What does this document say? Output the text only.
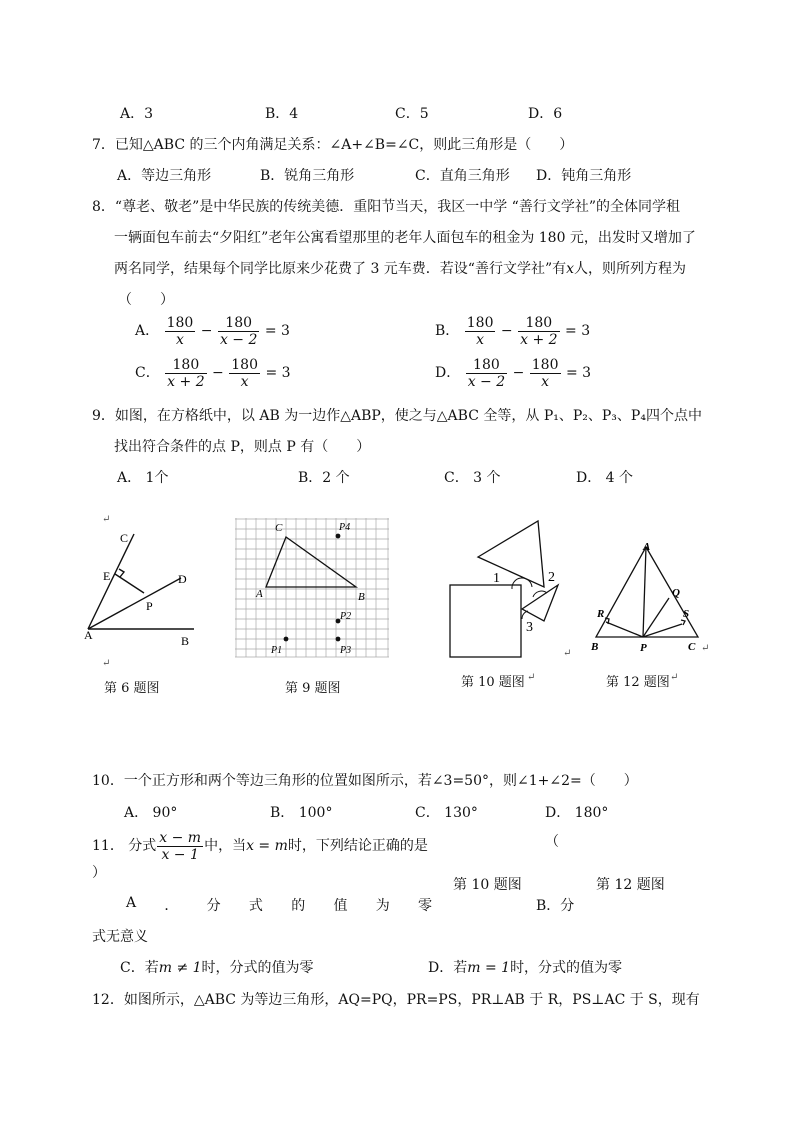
A．3	B．4	C．5	D．6
7．已知△ABC 的三个内角满足关系：∠A+∠B=∠C，则此三角形是（　　）
A．等边三角形	B．锐角三角形	C．直角三角形 D．钝角三角形
8．“尊老、敬老”是中华民族的传统美德．重阳节当天，我区一中学 “善行文学社”的全体同学租
一辆面包车前去“夕阳红”老年公寓看望那里的老年人面包车的租金为 180 元，出发时又增加了
两名同学，结果每个同学比原来少花费了 3 元车费．若设“善行文学社”有x人，则所列方程为
（　　）
A． $\frac{180}{x} - \frac{180}{x - 2} = 3$	B． $\frac{180}{x} - \frac{180}{x + 2} = 3$
C． $\frac{180}{x + 2} - \frac{180}{x} = 3$	D． $\frac{180}{x - 2} - \frac{180}{x} = 3$
9．如图，在方格纸中，以 AB 为一边作△ABP，使之与△ABC 全等，从 P₁、P₂、P₃、P₄四个点中
找出符合条件的点 P，则点 P 有（　　）
A． 1个	B．2 个	C． 3 个	D． 4 个
C
E	D
P
A	B
↵
↵
第 6 题图
C	P4
A	B
P2
P1	P3
第 9 题图
1	2
3
↵
第 10 题图
A
Q
R	S
B	P	C ↵
第 12 题图 ↵
↵
10．一个正方形和两个等边三角形的位置如图所示，若∠3=50°，则∠1+∠2=（　　）
A． 90°	B． 100°	C． 130°	D． 180°
11． 分式 $\frac{x - m}{x - 1}$ 中，当x = m时，下列结论正确的是	（
）
第 10 题图	第 12 题图
A ． 分 式 的 值 为 零	B．分
式无意义
C．若m ≠ 1时，分式的值为零	D．若m = 1时，分式的值为零
12．如图所示，△ABC 为等边三角形，AQ=PQ，PR=PS，PR⊥AB 于 R，PS⊥AC 于 S，现有
